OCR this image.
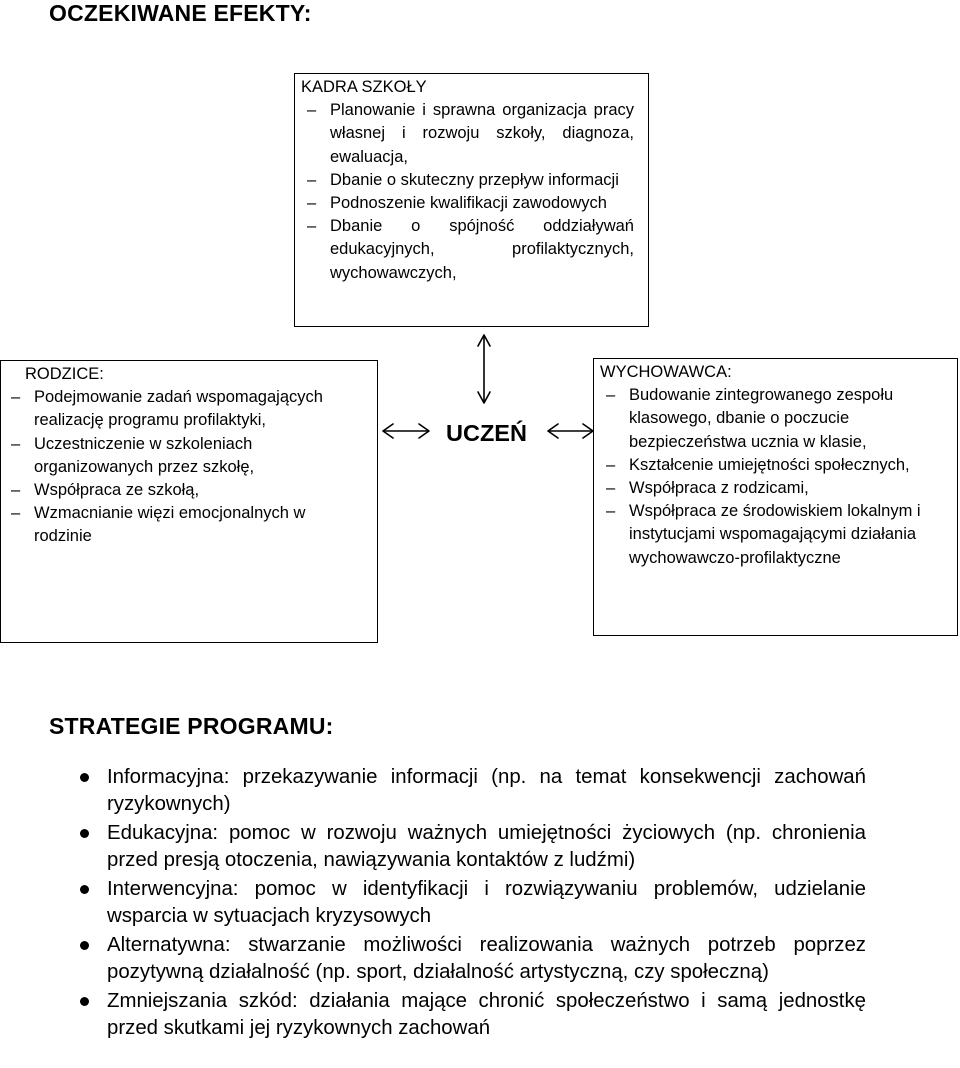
OCZEKIWANE EFEKTY:
KADRA SZKOŁY
– Planowanie i sprawna organizacja pracy własnej i rozwoju szkoły, diagnoza, ewaluacja,
– Dbanie o skuteczny przepływ informacji
– Podnoszenie kwalifikacji zawodowych
– Dbanie o spójność oddziaływań edukacyjnych, profilaktycznych, wychowawczych,
RODZICE:
– Podejmowanie zadań wspomagających realizację programu profilaktyki,
– Uczestniczenie w szkoleniach organizowanych przez szkołę,
– Współpraca ze szkołą,
– Wzmacnianie więzi emocjonalnych w rodzinie
UCZEŃ
WYCHOWAWCA:
– Budowanie zintegrowanego zespołu klasowego, dbanie o poczucie bezpieczeństwa ucznia w klasie,
– Kształcenie umiejętności społecznych,
– Współpraca z rodzicami,
– Współpraca ze środowiskiem lokalnym i instytucjami wspomagającymi działania wychowawczo-profilaktyczne
STRATEGIE PROGRAMU:
Informacyjna: przekazywanie informacji (np. na temat konsekwencji zachowań ryzykownych)
Edukacyjna: pomoc w rozwoju ważnych umiejętności życiowych (np. chronienia przed presją otoczenia, nawiązywania kontaktów z ludźmi)
Interwencyjna: pomoc w identyfikacji i rozwiązywaniu problemów, udzielanie wsparcia w sytuacjach kryzysowych
Alternatywna: stwarzanie możliwości realizowania ważnych potrzeb poprzez pozytywną działalność (np. sport, działalność artystyczną, czy społeczną)
Zmniejszania szkód: działania mające chronić społeczeństwo i samą jednostkę przed skutkami jej ryzykownych zachowań
